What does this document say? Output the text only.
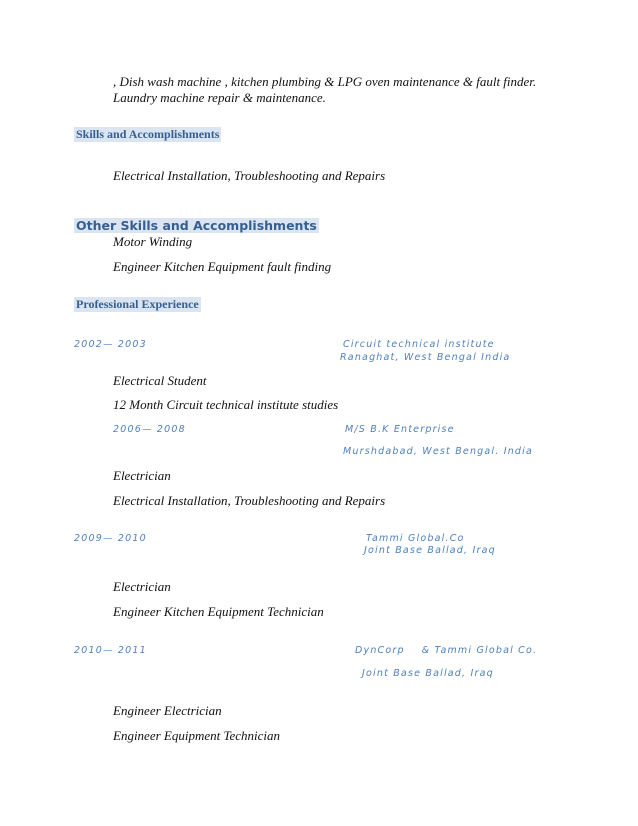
, Dish wash machine , kitchen plumbing & LPG oven maintenance & fault finder.
Laundry machine repair & maintenance.
Skills and Accomplishments
Electrical Installation, Troubleshooting and Repairs
Other Skills and Accomplishments
Motor Winding
Engineer Kitchen Equipment fault finding
Professional Experience
2002— 2003	Circuit technical institute
Ranaghat, West Bengal India
Electrical Student
12 Month Circuit technical institute studies
2006— 2008	M/S B.K Enterprise
Murshdabad, West Bengal. India
Electrician
Electrical Installation, Troubleshooting and Repairs
2009— 2010	Tammi Global.Co
Joint Base Ballad, Iraq
Electrician
Engineer Kitchen Equipment Technician
2010— 2011	DynCorp    & Tammi Global Co.
Joint Base Ballad, Iraq
Engineer Electrician
Engineer Equipment Technician
